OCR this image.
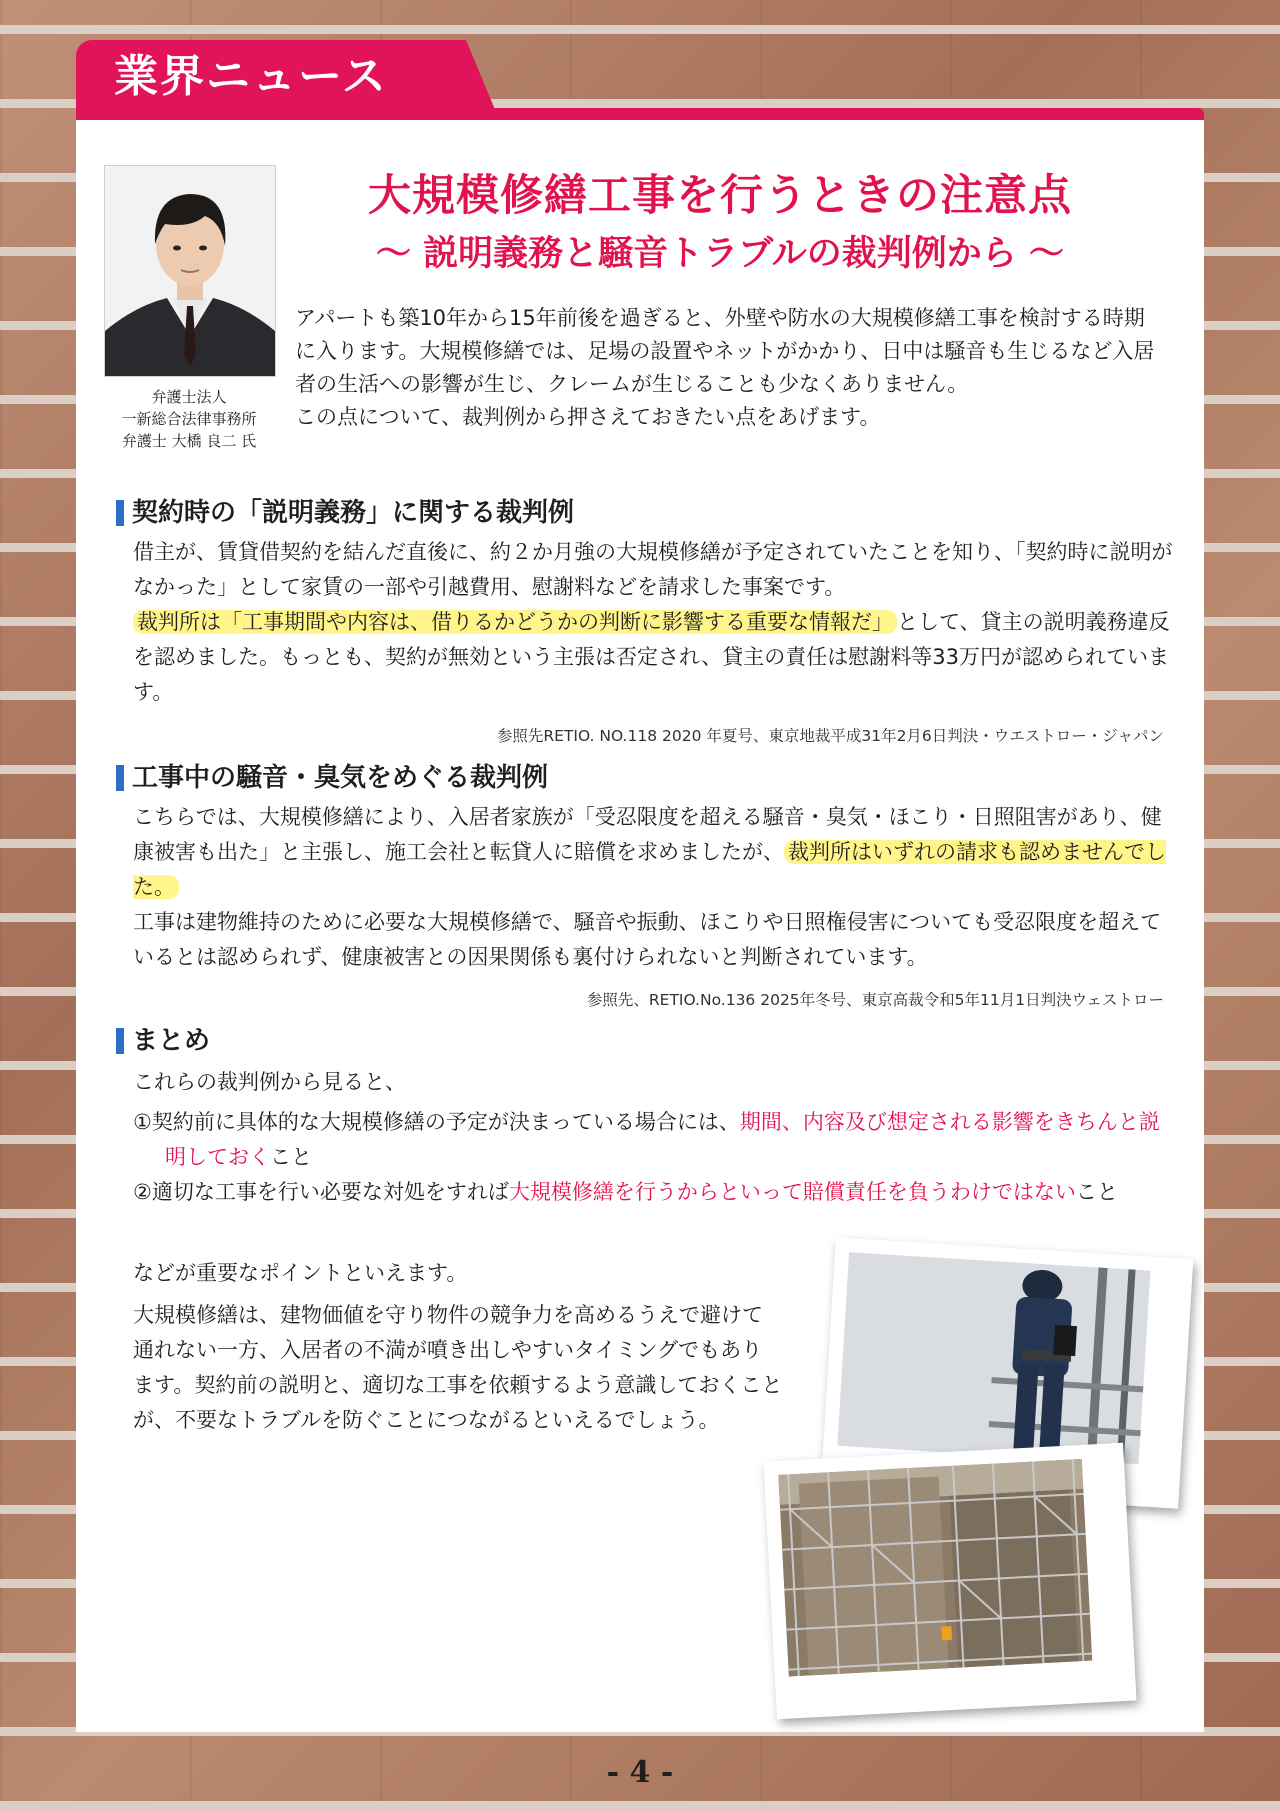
業界ニュース
弁護士法人
一新総合法律事務所
弁護士 大橋 良二 氏
大規模修繕工事を行うときの注意点
～ 説明義務と騒音トラブルの裁判例から ～

アパートも築10年から15年前後を過ぎると、外壁や防水の大規模修繕工事を検討する時期に入ります。大規模修繕では、足場の設置やネットがかかり、日中は騒音も生じるなど入居者の生活への影響が生じ、クレームが生じることも少なくありません。

この点について、裁判例から押さえておきたい点をあげます。

契約時の「説明義務」に関する裁判例

借主が、賃貸借契約を結んだ直後に、約２か月強の大規模修繕が予定されていたことを知り、「契約時に説明がなかった」として家賃の一部や引越費用、慰謝料などを請求した事案です。

裁判所は「工事期間や内容は、借りるかどうかの判断に影響する重要な情報だ」 として、貸主の説明義務違反を認めました。もっとも、契約が無効という主張は否定され、貸主の責任は慰謝料等33万円が認められています。

参照先RETIO. NO.118 2020 年夏号、東京地裁平成31年2月6日判決・ウエストロー・ジャパン
工事中の騒音・臭気をめぐる裁判例

こちらでは、大規模修繕により、入居者家族が「受忍限度を超える騒音・臭気・ほこり・日照阻害があり、健康被害も出た」と主張し、施工会社と転貸人に賠償を求めましたが、 裁判所はいずれの請求も認めませんでした。

工事は建物維持のために必要な大規模修繕で、騒音や振動、ほこりや日照権侵害についても受忍限度を超えているとは認められず、健康被害との因果関係も裏付けられないと判断されています。

参照先、RETIO.No.136 2025年冬号、東京高裁令和5年11月1日判決ウェストロー
まとめ
これらの裁判例から見ると、

①契約前に具体的な大規模修繕の予定が決まっている場合には、期間、内容及び想定される影響をきちんと説明しておくこと

②適切な工事を行い必要な対処をすれば大規模修繕を行うからといって賠償責任を負うわけではないこと

などが重要なポイントといえます。

大規模修繕は、建物価値を守り物件の競争力を高めるうえで避けて通れない一方、入居者の不満が噴き出しやすいタイミングでもあります。契約前の説明と、適切な工事を依頼するよう意識しておくことが、不要なトラブルを防ぐことにつながるといえるでしょう。

- 4 -
